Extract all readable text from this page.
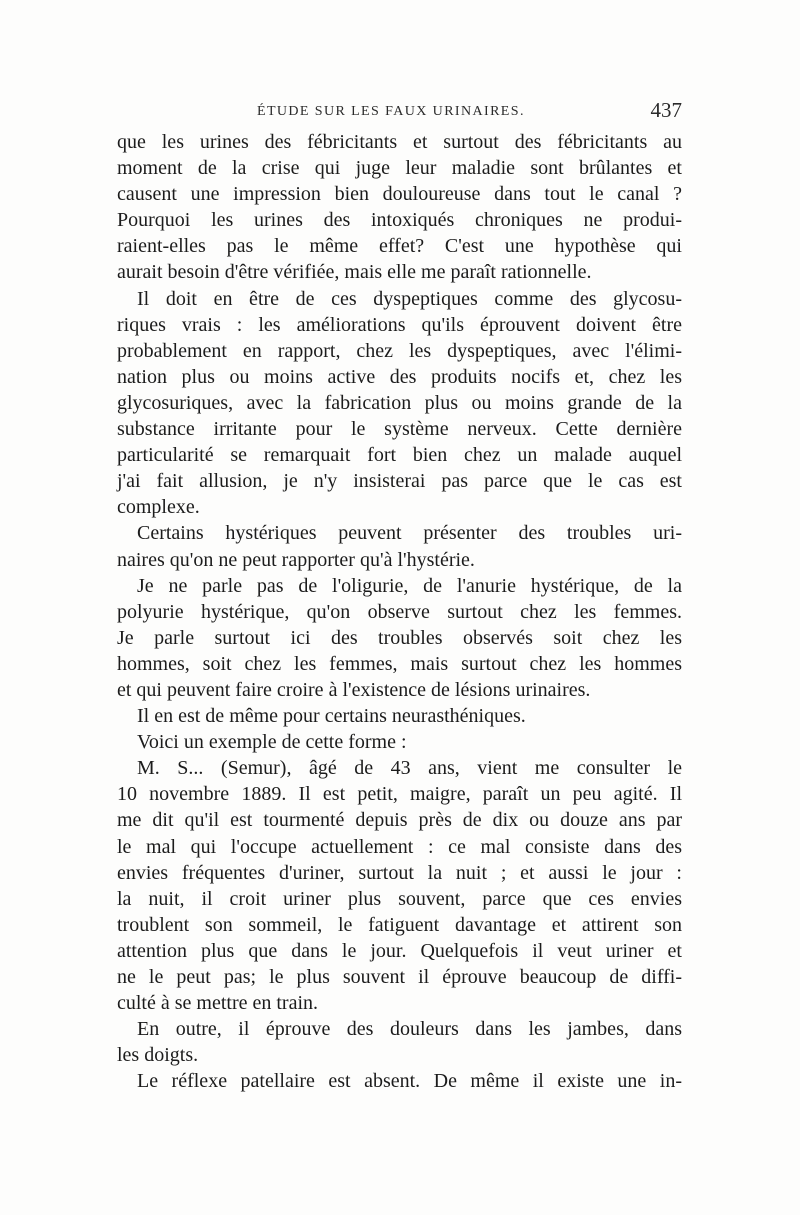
ÉTUDE SUR LES FAUX URINAIRES.	437
que les urines des fébricitants et surtout des fébricitants au
moment de la crise qui juge leur maladie sont brûlantes et
causent une impression bien douloureuse dans tout le canal ?
Pourquoi les urines des intoxiqués chroniques ne produi-
raient-elles pas le même effet? C'est une hypothèse qui
aurait besoin d'être vérifiée, mais elle me paraît rationnelle.
Il doit en être de ces dyspeptiques comme des glycosu-
riques vrais : les améliorations qu'ils éprouvent doivent être
probablement en rapport, chez les dyspeptiques, avec l'élimi-
nation plus ou moins active des produits nocifs et, chez les
glycosuriques, avec la fabrication plus ou moins grande de la
substance irritante pour le système nerveux. Cette dernière
particularité se remarquait fort bien chez un malade auquel
j'ai fait allusion, je n'y insisterai pas parce que le cas est
complexe.
Certains hystériques peuvent présenter des troubles uri-
naires qu'on ne peut rapporter qu'à l'hystérie.
Je ne parle pas de l'oligurie, de l'anurie hystérique, de la
polyurie hystérique, qu'on observe surtout chez les femmes.
Je parle surtout ici des troubles observés soit chez les
hommes, soit chez les femmes, mais surtout chez les hommes
et qui peuvent faire croire à l'existence de lésions urinaires.
Il en est de même pour certains neurasthéniques.
Voici un exemple de cette forme :
M. S... (Semur), âgé de 43 ans, vient me consulter le
10 novembre 1889. Il est petit, maigre, paraît un peu agité. Il
me dit qu'il est tourmenté depuis près de dix ou douze ans par
le mal qui l'occupe actuellement : ce mal consiste dans des
envies fréquentes d'uriner, surtout la nuit ; et aussi le jour :
la nuit, il croit uriner plus souvent, parce que ces envies
troublent son sommeil, le fatiguent davantage et attirent son
attention plus que dans le jour. Quelquefois il veut uriner et
ne le peut pas; le plus souvent il éprouve beaucoup de diffi-
culté à se mettre en train.
En outre, il éprouve des douleurs dans les jambes, dans
les doigts.
Le réflexe patellaire est absent. De même il existe une in-
